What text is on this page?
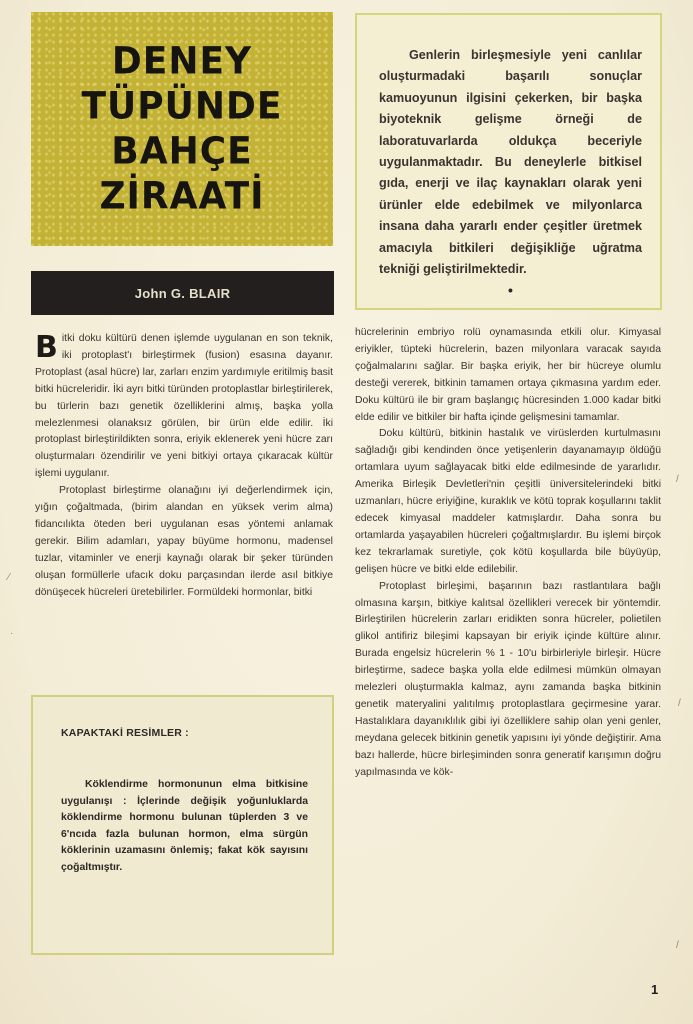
DENEY
TÜPÜNDE
BAHÇE
ZİRAATİ
John G. BLAIR
Genlerin birleşmesiyle yeni canlılar oluşturmadaki başarılı sonuçlar kamuoyunun ilgisini çekerken, bir başka biyoteknik gelişme örneği de laboratuvarlarda oldukça beceriyle uygulanmaktadır. Bu deneylerle bitkisel gıda, enerji ve ilaç kaynakları olarak yeni ürünler elde edebilmek ve milyonlarca insana daha yararlı ender çeşitler üretmek amacıyla bitkileri değişikliğe uğratma tekniği geliştirilmektedir.
•

Bitki doku kültürü denen işlemde uygulanan en son teknik, iki protoplast'ı birleştirmek (fusion) esasına dayanır. Protoplast (asal hücre) lar, zarları enzim yardımıyle eritilmiş basit bitki hücreleridir. İki ayrı bitki türünden protoplastlar birleştirilerek, bu türlerin bazı genetik özelliklerini almış, başka yolla melezlenmesi olanaksız görülen, bir ürün elde edilir. İki protoplast birleştirildikten sonra, eriyik eklenerek yeni hücre zarı oluşturmaları özendirilir ve yeni bitkiyi ortaya çıkaracak kültür işlemi uygulanır.

Protoplast birleştirme olanağını iyi değerlendirmek için, yığın çoğaltmada, (birim alandan en yüksek verim alma) fidancılıkta öteden beri uygulanan esas yöntemi anlamak gerekir. Bilim adamları, yapay büyüme hormonu, madensel tuzlar, vitaminler ve enerji kaynağı olarak bir şeker türünden oluşan formüllerle ufacık doku parçasından ilerde asıl bitkiye dönüşecek hücreleri üretebilirler. Formüldeki hormonlar, bitki

KAPAKTAKİ RESİMLER :
Köklendirme hormonunun elma bitkisine uygulanışı : İçlerinde değişik yoğunluklarda köklendirme hormonu bulunan tüplerden 3 ve 6'ncıda fazla bulunan hormon, elma sürgün köklerinin uzamasını önlemiş; fakat kök sayısını çoğaltmıştır.

hücrelerinin embriyo rolü oynamasında etkili olur. Kimyasal eriyikler, tüpteki hücrelerin, bazen milyonlara varacak sayıda çoğalmalarını sağlar. Bir başka eriyik, her bir hücreye olumlu desteği vererek, bitkinin tamamen ortaya çıkmasına yardım eder. Doku kültürü ile bir gram başlangıç hücresinden 1.000 kadar bitki elde edilir ve bitkiler bir hafta içinde gelişmesini tamamlar.

Doku kültürü, bitkinin hastalık ve virüslerden kurtulmasını sağladığı gibi kendinden önce yetişenlerin dayanamayıp öldüğü ortamlara uyum sağlayacak bitki elde edilmesinde de yararlıdır. Amerika Birleşik Devletleri'nin çeşitli üniversitelerindeki bitki uzmanları, hücre eriyiğine, kuraklık ve kötü toprak koşullarını taklit edecek kimyasal maddeler katmışlardır. Daha sonra bu ortamlarda yaşayabilen hücreleri çoğaltmışlardır. Bu işlemi birçok kez tekrarlamak suretiyle, çok kötü koşullarda bile büyüyüp, gelişen hücre ve bitki elde edilebilir.

Protoplast birleşimi, başarının bazı rastlantılara bağlı olmasına karşın, bitkiye kalıtsal özellikleri verecek bir yöntemdir. Birleştirilen hücrelerin zarları eridikten sonra hücreler, polietilen glikol antifiriz bileşimi kapsayan bir eriyik içinde kültüre alınır. Burada engelsiz hücrelerin % 1 - 10'u birbirleriyle birleşir. Hücre birleştirme, sadece başka yolla elde edilmesi mümkün olmayan melezleri oluşturmakla kalmaz, aynı zamanda başka bitkinin genetik materyalini yalıtılmış protoplastlara geçirmesine yarar. Hastalıklara dayanıklılık gibi iyi özelliklere sahip olan yeni genler, meydana gelecek bitkinin genetik yapısını iyi yönde değiştirir. Ama bazı hallerde, hücre birleşiminden sonra generatif karışımın doğru yapılmasında ve kök-

1
⁄
·
/
/
/
